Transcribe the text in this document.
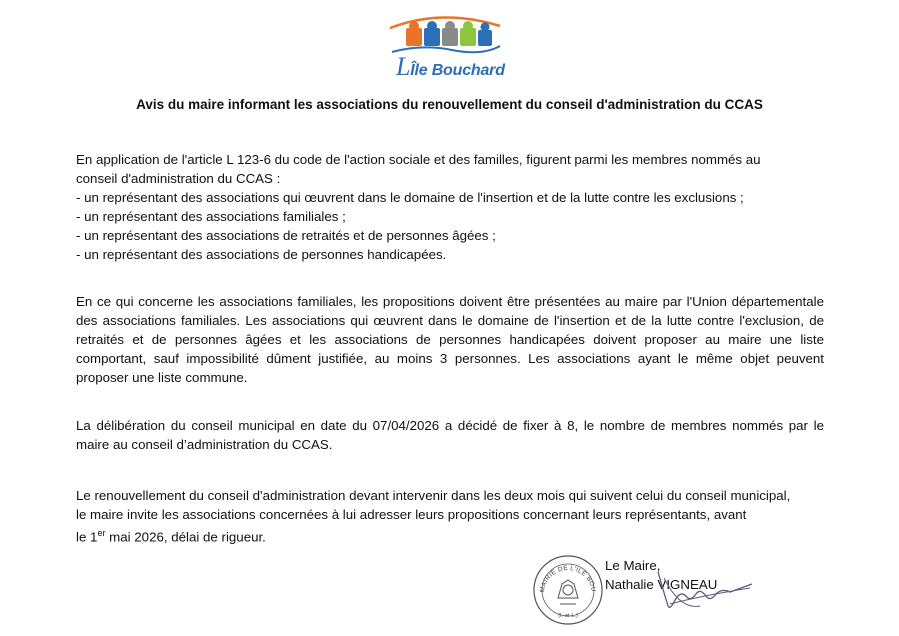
LÎle Bouchard
Avis du maire informant les associations du renouvellement du conseil d'administration du CCAS
En application de l'article L 123-6 du code de l'action sociale et des familles, figurent parmi les membres nommés au
conseil d'administration du CCAS :
- un représentant des associations qui œuvrent dans le domaine de l'insertion et de la lutte contre les exclusions ;
- un représentant des associations familiales ;
- un représentant des associations de retraités et de personnes âgées ;
- un représentant des associations de personnes handicapées.
En ce qui concerne les associations familiales, les propositions doivent être présentées au maire par l'Union départementale
des associations familiales. Les associations qui œuvrent dans le domaine de l'insertion et de la lutte contre l'exclusion, de
retraités et de personnes âgées et les associations de personnes handicapées doivent proposer au maire une liste
comportant, sauf impossibilité dûment justifiée, au moins 3 personnes. Les associations ayant le même objet peuvent
proposer une liste commune.
La délibération du conseil municipal en date du 07/04/2026 a décidé de fixer à 8, le nombre de membres nommés par le
maire au conseil d’administration du CCAS.
Le renouvellement du conseil d'administration devant intervenir dans les deux mois qui suivent celui du conseil municipal,
le maire invite les associations concernées à lui adresser leurs propositions concernant leurs représentants, avant
le 1er mai 2026, délai de rigueur.
MAIRIE DE L'ILE BOU
(I.-et-L.)
Le Maire,
Nathalie VIGNEAU
